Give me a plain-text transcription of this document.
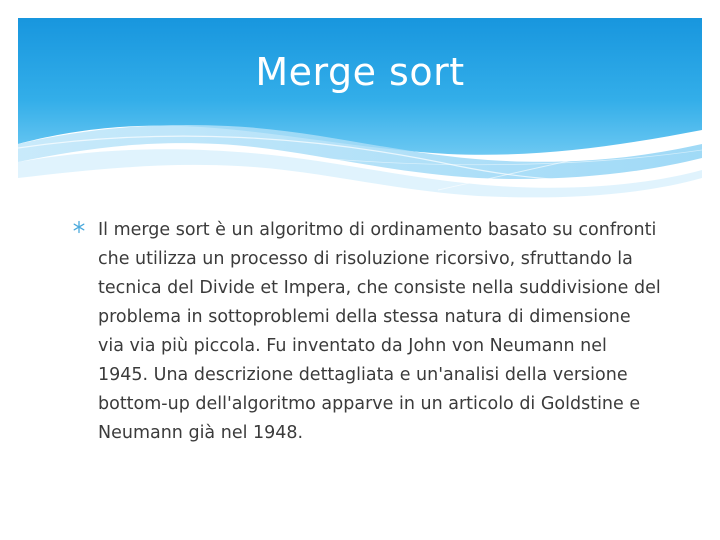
Merge sort

Il merge sort è un algoritmo di ordinamento basato su confronti che utilizza un processo di risoluzione ricorsivo, sfruttando la tecnica del Divide et Impera, che consiste nella suddivisione del problema in sottoproblemi della stessa natura di dimensione via via più piccola. Fu inventato da John von Neumann nel 1945. Una descrizione dettagliata e un'analisi della versione bottom-up dell'algoritmo apparve in un articolo di Goldstine e Neumann già nel 1948.
